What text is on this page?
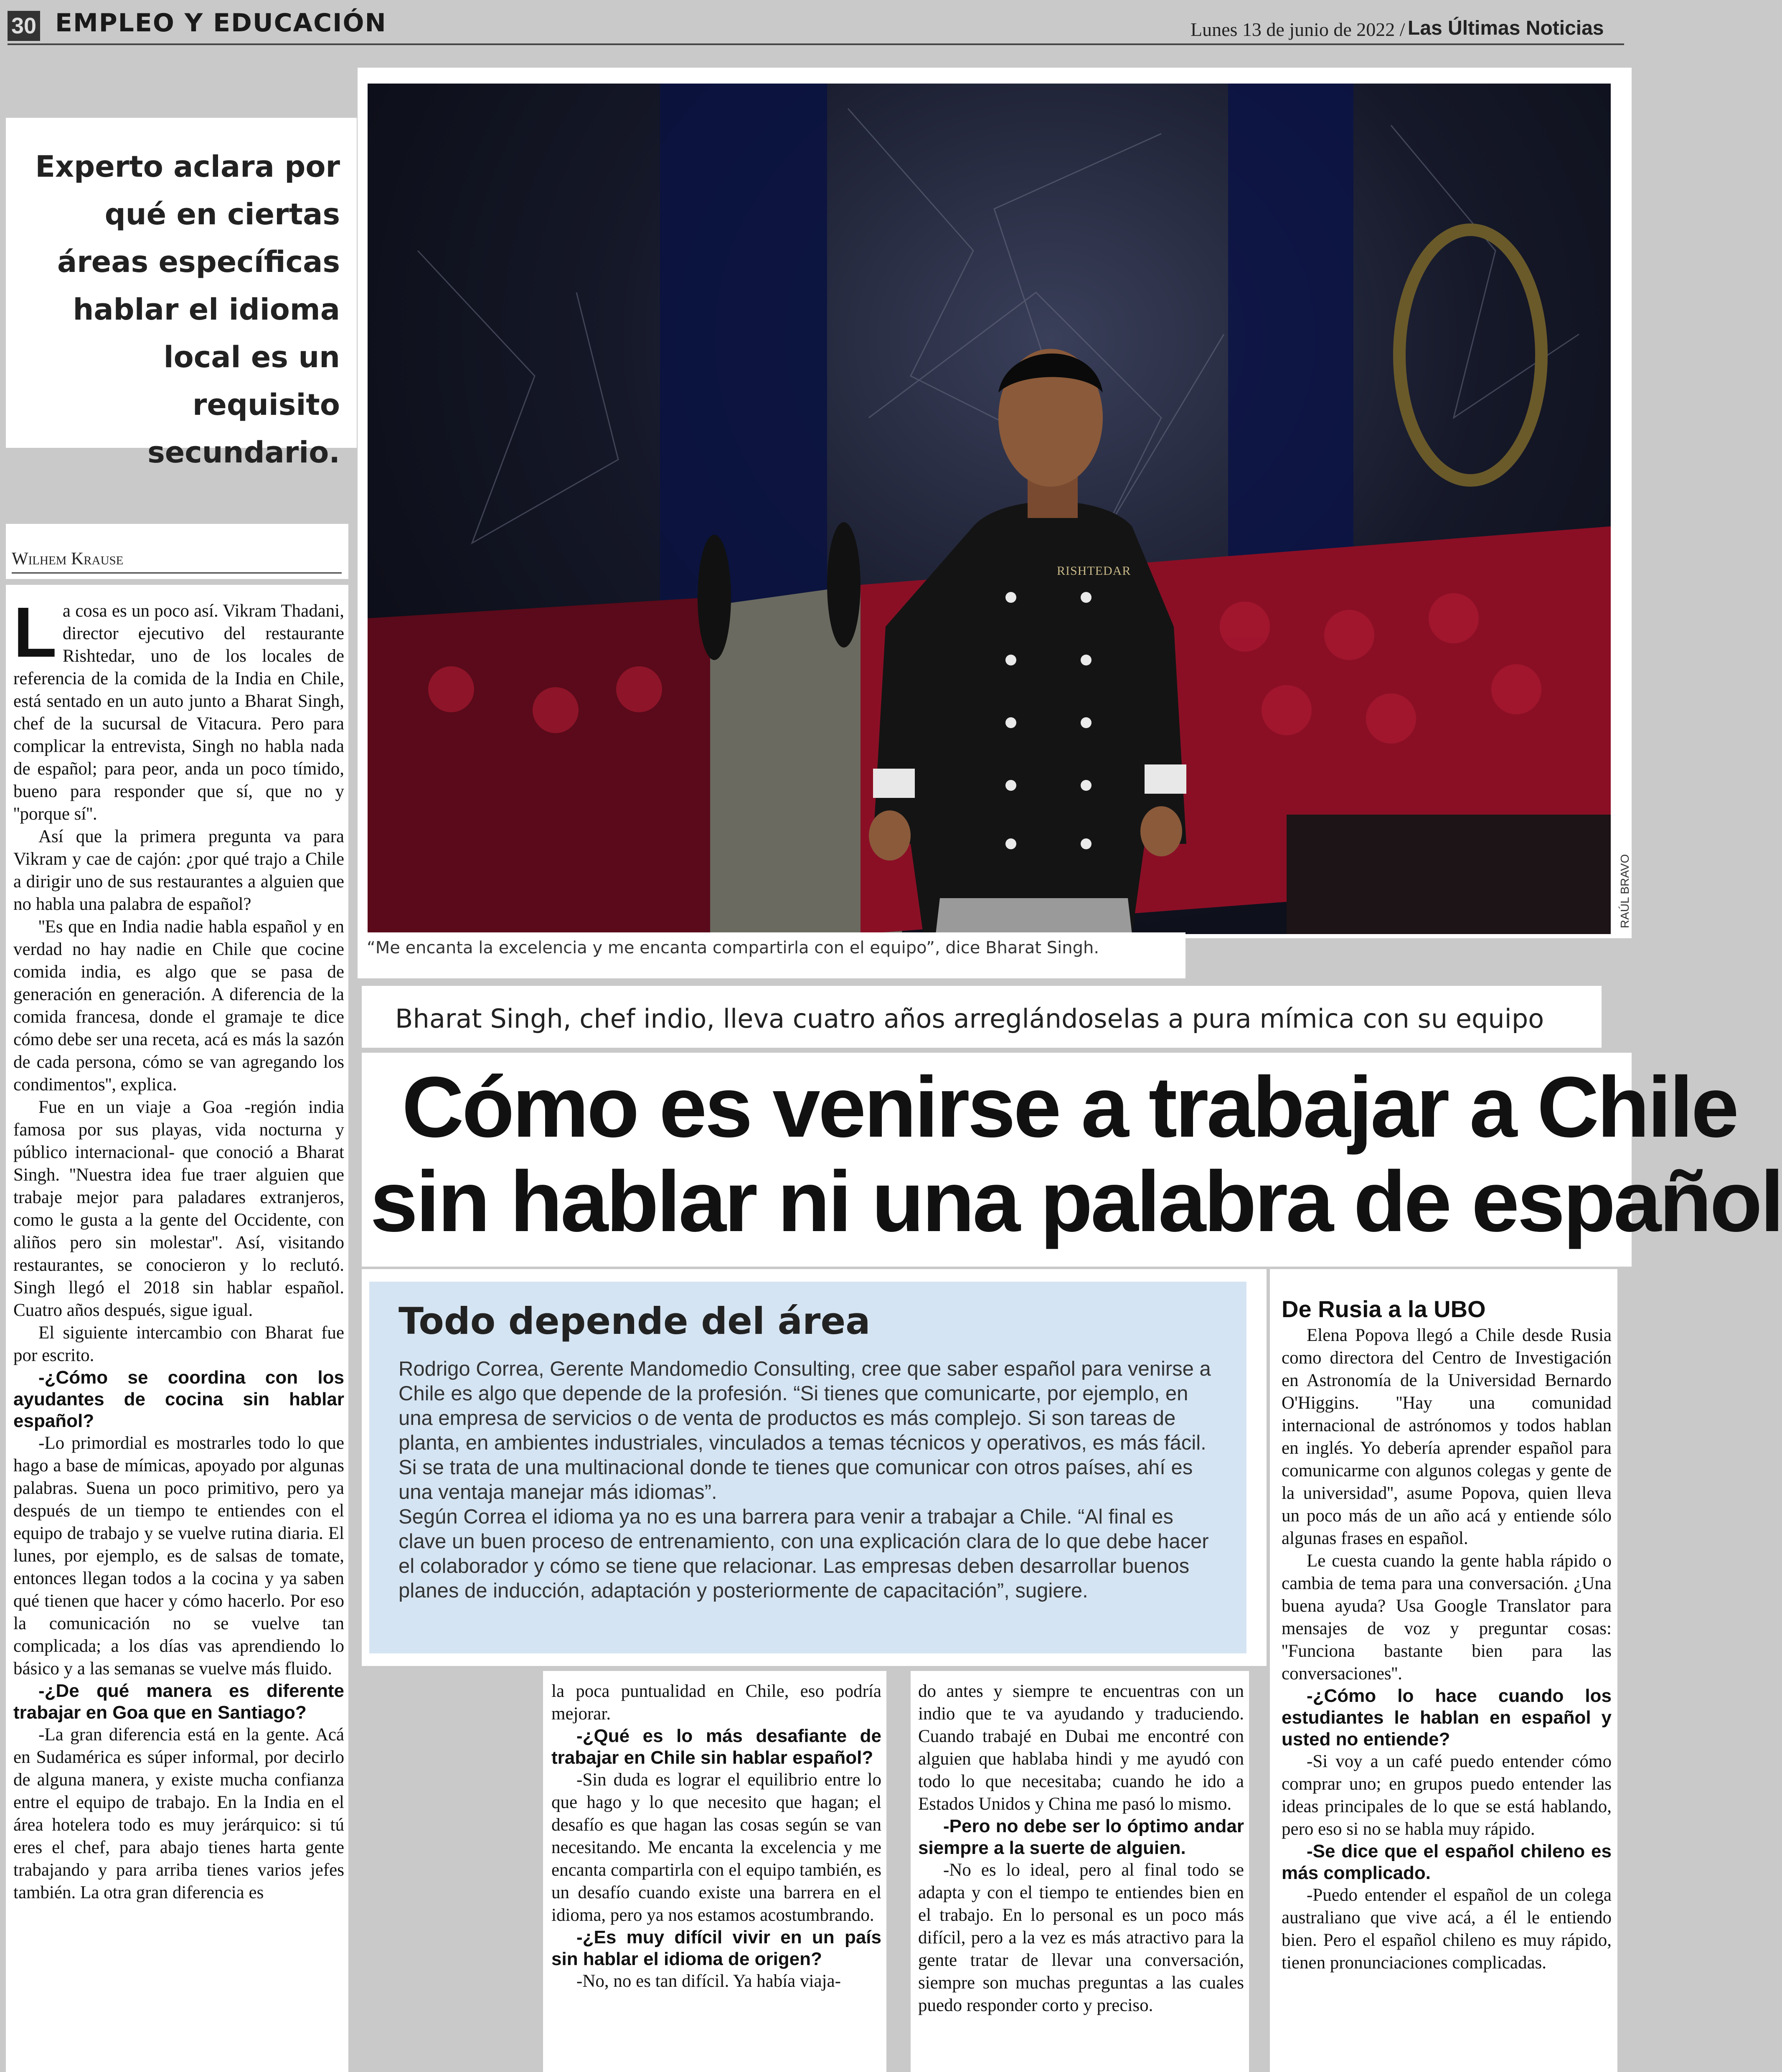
30 EMPLEO Y EDUCACIÓN	Lunes 13 de junio de 2022 / Las Últimas Noticias
Experto aclara por qué en ciertas áreas específicas hablar el idioma local es un requisito secundario.
RISHTEDAR
RAÚL BRAVO
“Me encanta la excelencia y me encanta compartirla con el equipo”, dice Bharat Singh.
Wilhem Krause
Bharat Singh, chef indio, lleva cuatro años arreglándoselas a pura mímica con su equipo
Cómo es venirse a trabajar a Chile
sin hablar ni una palabra de español
Todo depende del área
Rodrigo Correa, Gerente Mandomedio Consulting, cree que saber español para venirse a Chile es algo que depende de la profesión. “Si tienes que comunicarte, por ejemplo, en una empresa de servicios o de venta de productos es más complejo. Si son tareas de planta, en ambientes industriales, vinculados a temas técnicos y operativos, es más fácil. Si se trata de una multinacional donde te tienes que comunicar con otros países, ahí es una ventaja manejar más idiomas”.
Según Correa el idioma ya no es una barrera para venir a trabajar a Chile. “Al final es clave un buen proceso de entrenamiento, con una explicación clara de lo que debe hacer el colaborador y cómo se tiene que relacionar. Las empresas deben desarrollar buenos planes de inducción, adaptación y posteriormente de capacitación”, sugiere.

La cosa es un poco así. Vikram Thadani, director ejecutivo del restaurante Rishtedar, uno de los locales de referencia de la comida de la India en Chile, está sentado en un auto junto a Bharat Singh, chef de la sucursal de Vitacura. Pero para complicar la entrevista, Singh no habla nada de español; para peor, anda un poco tímido, bueno para responder que sí, que no y ''porque sí''.

Así que la primera pregunta va para Vikram y cae de cajón: ¿por qué trajo a Chile a dirigir uno de sus restaurantes a alguien que no habla una palabra de español?

''Es que en India nadie habla español y en verdad no hay nadie en Chile que cocine comida india, es algo que se pasa de generación en generación. A diferencia de la comida francesa, donde el gramaje te dice cómo debe ser una receta, acá es más la sazón de cada persona, cómo se van agregando los condimentos'', explica.

Fue en un viaje a Goa -región india famosa por sus playas, vida nocturna y público internacional- que conoció a Bharat Singh. ''Nuestra idea fue traer alguien que trabaje mejor para paladares extranjeros, como le gusta a la gente del Occidente, con aliños pero sin molestar''. Así, visitando restaurantes, se conocieron y lo reclutó. Singh llegó el 2018 sin hablar español. Cuatro años después, sigue igual.

El siguiente intercambio con Bharat fue por escrito.

-¿Cómo se coordina con los ayudantes de cocina sin hablar español?

-Lo primordial es mostrarles todo lo que hago a base de mímicas, apoyado por algunas palabras. Suena un poco primitivo, pero ya después de un tiempo te entiendes con el equipo de trabajo y se vuelve rutina diaria. El lunes, por ejemplo, es de salsas de tomate, entonces llegan todos a la cocina y ya saben qué tienen que hacer y cómo hacerlo. Por eso la comunicación no se vuelve tan complicada; a los días vas aprendiendo lo básico y a las semanas se vuelve más fluido.

-¿De qué manera es diferente trabajar en Goa que en Santiago?

-La gran diferencia está en la gente. Acá en Sudamérica es súper informal, por decirlo de alguna manera, y existe mucha confianza entre el equipo de trabajo. En la India en el área hotelera todo es muy jerárquico: si tú eres el chef, para abajo tienes harta gente trabajando y para arriba tienes varios jefes también. La otra gran diferencia es

la poca puntualidad en Chile, eso podría mejorar.

-¿Qué es lo más desafiante de trabajar en Chile sin hablar español?

-Sin duda es lograr el equilibrio entre lo que hago y lo que necesito que hagan; el desafío es que hagan las cosas según se van necesitando. Me encanta la excelencia y me encanta compartirla con el equipo también, es un desafío cuando existe una barrera en el idioma, pero ya nos estamos acostumbrando.

-¿Es muy difícil vivir en un país sin hablar el idioma de origen?

-No, no es tan difícil. Ya había viaja-

do antes y siempre te encuentras con un indio que te va ayudando y traduciendo. Cuando trabajé en Dubai me encontré con alguien que hablaba hindi y me ayudó con todo lo que necesitaba; cuando he ido a Estados Unidos y China me pasó lo mismo.

-Pero no debe ser lo óptimo andar siempre a la suerte de alguien.

-No es lo ideal, pero al final todo se adapta y con el tiempo te entiendes bien en el trabajo. En lo personal es un poco más difícil, pero a la vez es más atractivo para la gente tratar de llevar una conversación, siempre son muchas preguntas a las cuales puedo responder corto y preciso.

De Rusia a la UBO

Elena Popova llegó a Chile desde Rusia como directora del Centro de Investigación en Astronomía de la Universidad Bernardo O'Higgins. ''Hay una comunidad internacional de astrónomos y todos hablan en inglés. Yo debería aprender español para comunicarme con algunos colegas y gente de la universidad'', asume Popova, quien lleva un poco más de un año acá y entiende sólo algunas frases en español.

Le cuesta cuando la gente habla rápido o cambia de tema para una conversación. ¿Una buena ayuda? Usa Google Translator para mensajes de voz y preguntar cosas: ''Funciona bastante bien para las conversaciones''.

-¿Cómo lo hace cuando los estudiantes le hablan en español y usted no entiende?

-Si voy a un café puedo entender cómo comprar uno; en grupos puedo entender las ideas principales de lo que se está hablando, pero eso si no se habla muy rápido.

-Se dice que el español chileno es más complicado.

-Puedo entender el español de un colega australiano que vive acá, a él le entiendo bien. Pero el español chileno es muy rápido, tienen pronunciaciones complicadas.
